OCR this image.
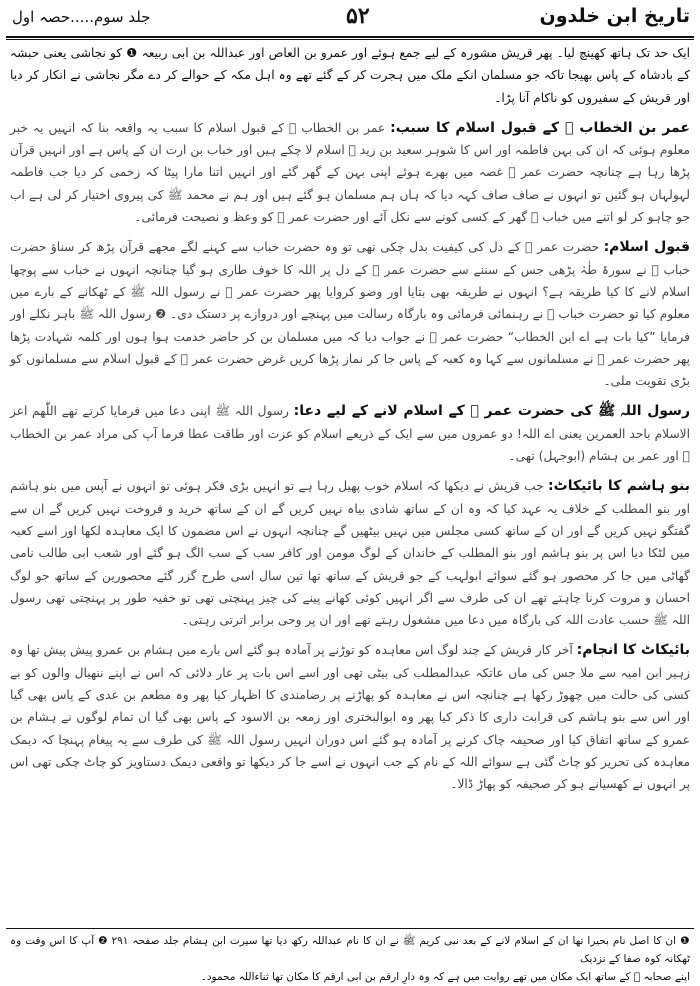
تاریخ ابن خلدون
۵۲
جلد سوم.....حصہ اول

ایک حد تک ہاتھ کھینچ لیا۔ پھر قریش مشورہ کے لیے جمع ہوئے اور عمرو بن العاص اور عبداللہ بن ابی ربیعہ ❶ کو نجاشی یعنی حبشہ کے بادشاہ کے پاس بھیجا تاکہ جو مسلمان انکے ملک میں ہجرت کر کے گئے تھے وہ اہل مکہ کے حوالے کر دے مگر نجاشی نے انکار کر دیا اور قریش کے سفیروں کو ناکام آنا پڑا۔

عمر بن الخطاب ﷜ کے قبول اسلام کا سبب: عمر بن الخطاب ﷜ کے قبول اسلام کا سبب یہ واقعہ بنا کہ انہیں یہ خبر معلوم ہوئی کہ ان کی بہن فاطمہ اور اس کا شوہر سعید بن زید ﷜ اسلام لا چکے ہیں اور خباب بن ارت ان کے پاس ہے اور انہیں قرآن پڑھا رہا ہے چنانچہ حضرت عمر ﷜ غصہ میں بھرے ہوئے اپنی بہن کے گھر گئے اور انہیں اتنا مارا پیٹا کہ زخمی کر دیا جب فاطمہ لہولہان ہو گئیں تو انہوں نے صاف صاف کہہ دیا کہ ہاں ہم مسلمان ہو گئے ہیں اور ہم نے محمد ﷺ کی پیروی اختیار کر لی ہے اب جو چاہو کر لو اتنے میں خباب ﷜ گھر کے کسی کونے سے نکل آئے اور حضرت عمر ﷜ کو وعظ و نصیحت فرمائی۔

قبول اسلام: حضرت عمر ﷜ کے دل کی کیفیت بدل چکی تھی تو وہ حضرت خباب سے کہنے لگے مجھے قرآن پڑھ کر سناؤ حضرت خباب ﷜ نے سورۂ طٰہٰ پڑھی جس کے سننے سے حضرت عمر ﷜ کے دل پر اللہ کا خوف طاری ہو گیا چنانچہ انہوں نے خباب سے پوچھا اسلام لانے کا کیا طریقہ ہے؟ انہوں نے طریقہ بھی بتایا اور وضو کروایا پھر حضرت عمر ﷜ نے رسول اللہ ﷺ کے ٹھکانے کے بارے میں معلوم کیا تو حضرت خباب ﷜ نے رہنمائی فرمائی وہ بارگاہ رسالت میں پہنچے اور دروازے پر دستک دی۔ ❷ رسول اللہ ﷺ باہر نکلے اور فرمایا ”کیا بات ہے اے ابن الخطاب“ حضرت عمر ﷜ نے جواب دیا کہ میں مسلمان بن کر حاضر خدمت ہوا ہوں اور کلمہ شہادت پڑھا پھر حضرت عمر ﷜ نے مسلمانوں سے کہا وہ کعبہ کے پاس جا کر نماز پڑھا کریں غرض حضرت عمر ﷜ کے قبول اسلام سے مسلمانوں کو بڑی تقویت ملی۔

رسول اللہ ﷺ کی حضرت عمر ﷜ کے اسلام لانے کے لیے دعا: رسول اللہ ﷺ اپنی دعا میں فرمایا کرتے تھے اللّٰھم اعز الاسلام باحد العمرین یعنی اے اللہ! دو عمروں میں سے ایک کے ذریعے اسلام کو عزت اور طاقت عطا فرما آپ کی مراد عمر بن الخطاب ﷜ اور عمر بن ہشام (ابوجہل) تھی۔

بنو ہاشم کا بائیکاٹ: جب قریش نے دیکھا کہ اسلام خوب پھیل رہا ہے تو انہیں بڑی فکر ہوئی تو انہوں نے آپس میں بنو ہاشم اور بنو المطلب کے خلاف یہ عہد کیا کہ وہ ان کے ساتھ شادی بیاہ نہیں کریں گے ان کے ساتھ خرید و فروخت نہیں کریں گے ان سے گفتگو نہیں کریں گے اور ان کے ساتھ کسی مجلس میں نہیں بیٹھیں گے چنانچہ انہوں نے اس مضمون کا ایک معاہدہ لکھا اور اسے کعبہ میں لٹکا دیا اس پر بنو ہاشم اور بنو المطلب کے خاندان کے لوگ مومن اور کافر سب کے سب الگ ہو گئے اور شعب ابی طالب نامی گھاٹی میں جا کر محصور ہو گئے سوائے ابولہب کے جو قریش کے ساتھ تھا تین سال اسی طرح گزر گئے محصورین کے ساتھ جو لوگ احسان و مروت کرنا چاہتے تھے ان کی طرف سے اگر انہیں کوئی کھانے پینے کی چیز پہنچتی تھی تو خفیہ طور پر پہنچتی تھی رسول اللہ ﷺ حسب عادت اللہ کی بارگاہ میں دعا میں مشغول رہتے تھے اور ان پر وحی برابر اترتی رہتی۔

بائیکاٹ کا انجام: آخر کار قریش کے چند لوگ اس معاہدہ کو توڑنے پر آمادہ ہو گئے اس بارے میں ہشام بن عمرو پیش پیش تھا وہ زہیر ابن امیہ سے ملا جس کی ماں عاتکہ عبدالمطلب کی بیٹی تھی اور اسے اس بات پر عار دلائی کہ اس نے اپنے ننھیال والوں کو بے کسی کی حالت میں چھوڑ رکھا ہے چنانچہ اس نے معاہدہ کو پھاڑنے پر رضامندی کا اظہار کیا پھر وہ مطعم بن عدی کے پاس بھی گیا اور اس سے بنو ہاشم کی قرابت داری کا ذکر کیا پھر وہ ابوالبختری اور زمعہ بن الاسود کے پاس بھی گیا ان تمام لوگوں نے ہشام بن عمرو کے ساتھ اتفاق کیا اور صحیفہ چاک کرنے پر آمادہ ہو گئے اس دوران انہیں رسول اللہ ﷺ کی طرف سے یہ پیغام پہنچا کہ دیمک معاہدہ کی تحریر کو چاٹ گئی ہے سوائے اللہ کے نام کے جب انہوں نے اسے جا کر دیکھا تو واقعی دیمک دستاویز کو چاٹ چکی تھی اس پر انہوں نے کھسیانے ہو کر صحیفہ کو پھاڑ ڈالا۔

❶ ان کا اصل نام بحیرا تھا ان کے اسلام لانے کے بعد نبی کریم ﷺ نے ان کا نام عبداللہ رکھ دیا تھا سیرت ابن ہشام جلد صفحہ ۲۹۱ ❷ آپ کا اس وقت وہ ٹھکانہ کوہ صفا کے نزدیک
اپنے صحابہ ﷜ کے ساتھ ایک مکان میں تھے روایت میں ہے کہ وہ دارِ ارقم بن ابی ارقم کا مکان تھا ثناءاللہ محمود۔
